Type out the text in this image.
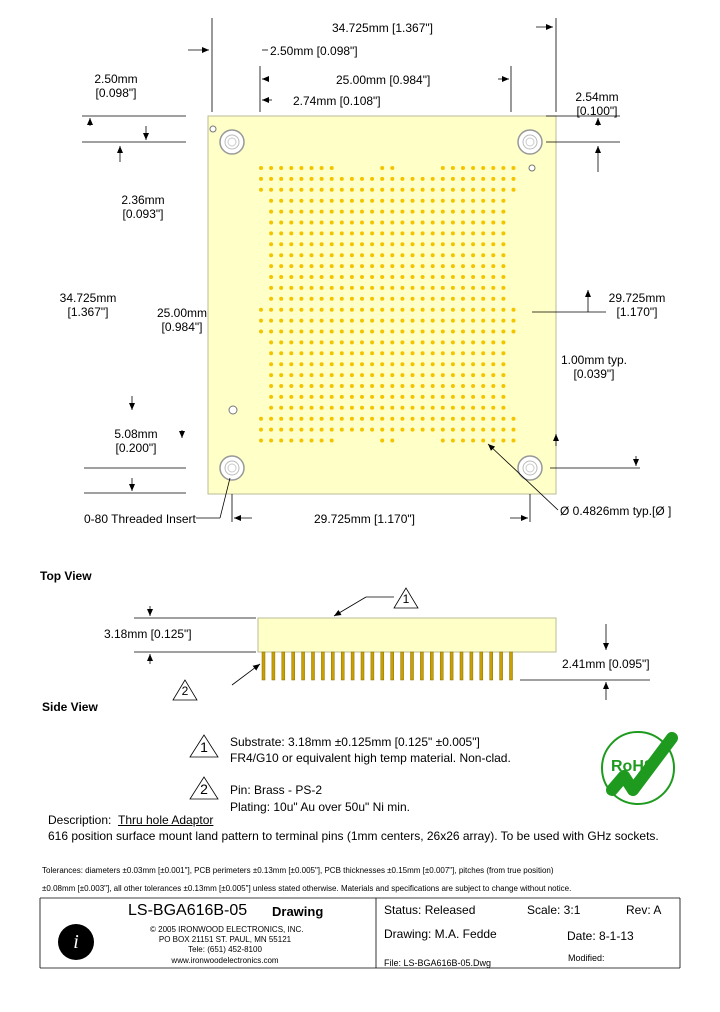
34.725mm [1.367"]
2.50mm [0.098"]
25.00mm [0.984"]
2.74mm [0.108"]
2.50mm
[0.098"]	2.54mm
[0.100"]
2.36mm
[0.093"]
34.725mm
[1.367"]	25.00mm
[0.984"]
29.725mm
[1.170"]
1.00mm typ.
[0.039"]
5.08mm
[0.200"]
0-80 Threaded Insert	29.725mm [1.170"]
Ø 0.4826mm typ.[Ø ]
Top View
3.18mm [0.125"]
2.41mm [0.095"]
Side View
1
2
1
2
Substrate: 3.18mm ±0.125mm [0.125" ±0.005"]
FR4/G10 or equivalent high temp material. Non-clad.
Pin: Brass - PS-2
Plating: 10u" Au over 50u" Ni min.
RoHS
Description: Thru hole Adaptor
616 position surface mount land pattern to terminal pins (1mm centers, 26x26 array). To be used with GHz sockets.
Tolerances: diameters ±0.03mm [±0.001"], PCB perimeters ±0.13mm [±0.005"], PCB thicknesses ±0.15mm [±0.007"], pitches (from true position)
±0.08mm [±0.003"], all other tolerances ±0.13mm [±0.005"] unless stated otherwise. Materials and specifications are subject to change without notice.
i
LS-BGA616B-05 Drawing
© 2005 IRONWOOD ELECTRONICS, INC.
PO BOX 21151 ST. PAUL, MN 55121
Tele: (651) 452-8100
www.ironwoodelectronics.com
Status: Released	Scale: 3:1	Rev: A
Drawing: M.A. Fedde	Date: 8-1-13
Modified:
File: LS-BGA616B-05.Dwg
